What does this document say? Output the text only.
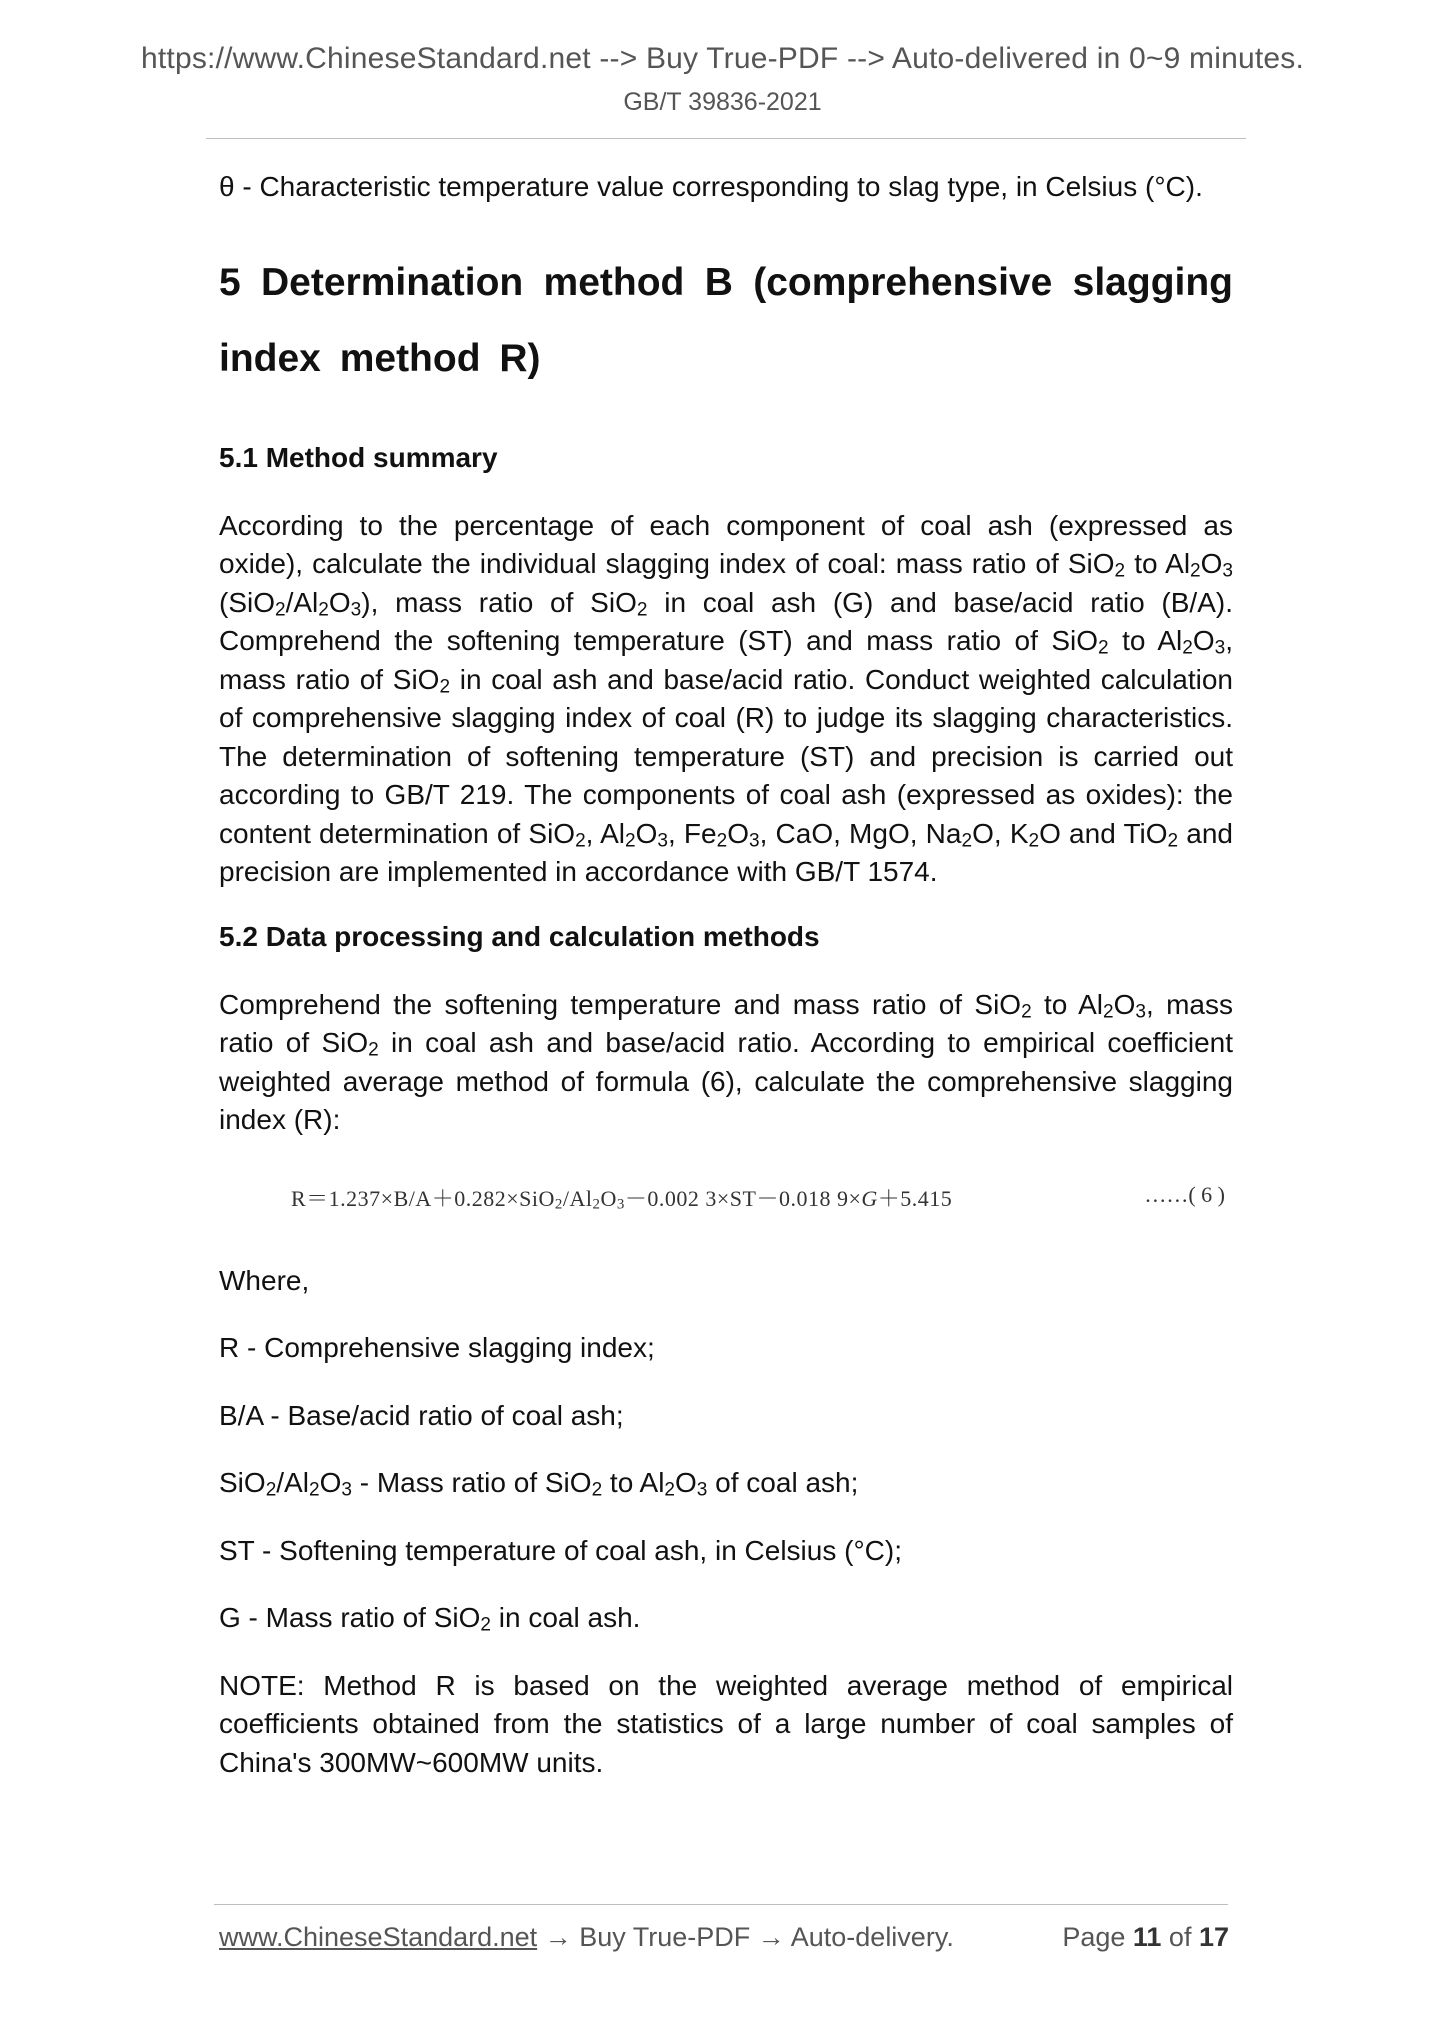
https://www.ChineseStandard.net --> Buy True-PDF --> Auto-delivered in 0~9 minutes.
GB/T 39836-2021

θ - Characteristic temperature value corresponding to slag type, in Celsius (°C).

5 Determination method B (comprehensive slagging index method R)
5.1 Method summary

According to the percentage of each component of coal ash (expressed as oxide), calculate the individual slagging index of coal: mass ratio of SiO$_2$ to $Al_2O_3$ $(SiO_2/Al_2O_3)$, mass ratio of SiO$_2$ in coal ash (G) and base/acid ratio (B/A). Comprehend the softening temperature (ST) and mass ratio of SiO$_2$ to $Al_2O_3$, mass ratio of SiO$_2$ in coal ash and base/acid ratio. Conduct weighted calculation of comprehensive slagging index of coal (R) to judge its slagging characteristics. The determination of softening temperature (ST) and precision is carried out according to GB/T 219. The components of coal ash (expressed as oxides): the content determination of SiO$_2$, $Al_2O_3$, $Fe_2O_3$, CaO, MgO, $Na_2O$, $K_2O$ and TiO$_2$ and precision are implemented in accordance with GB/T 1574.

5.2 Data processing and calculation methods

Comprehend the softening temperature and mass ratio of SiO$_2$ to $Al_2O_3$, mass ratio of SiO$_2$ in coal ash and base/acid ratio. According to empirical coefficient weighted average method of formula (6), calculate the comprehensive slagging index (R):

$R=1.237\times B/A+0.282\times SiO_2/Al_2O_3-0.002$ 3×ST－0.018 9×G＋5.415	……( 6 )

Where,

R - Comprehensive slagging index;

B/A - Base/acid ratio of coal ash;

$SiO_2/Al_2O_3$ - Mass ratio of SiO$_2$ to $Al_2O_3$ of coal ash;

ST - Softening temperature of coal ash, in Celsius (°C);

G - Mass ratio of SiO$_2$ in coal ash.

NOTE: Method R is based on the weighted average method of empirical coefficients obtained from the statistics of a large number of coal samples of China's 300MW~600MW units.

www.ChineseStandard.net → Buy True-PDF → Auto-delivery.	Page 11 of 17
